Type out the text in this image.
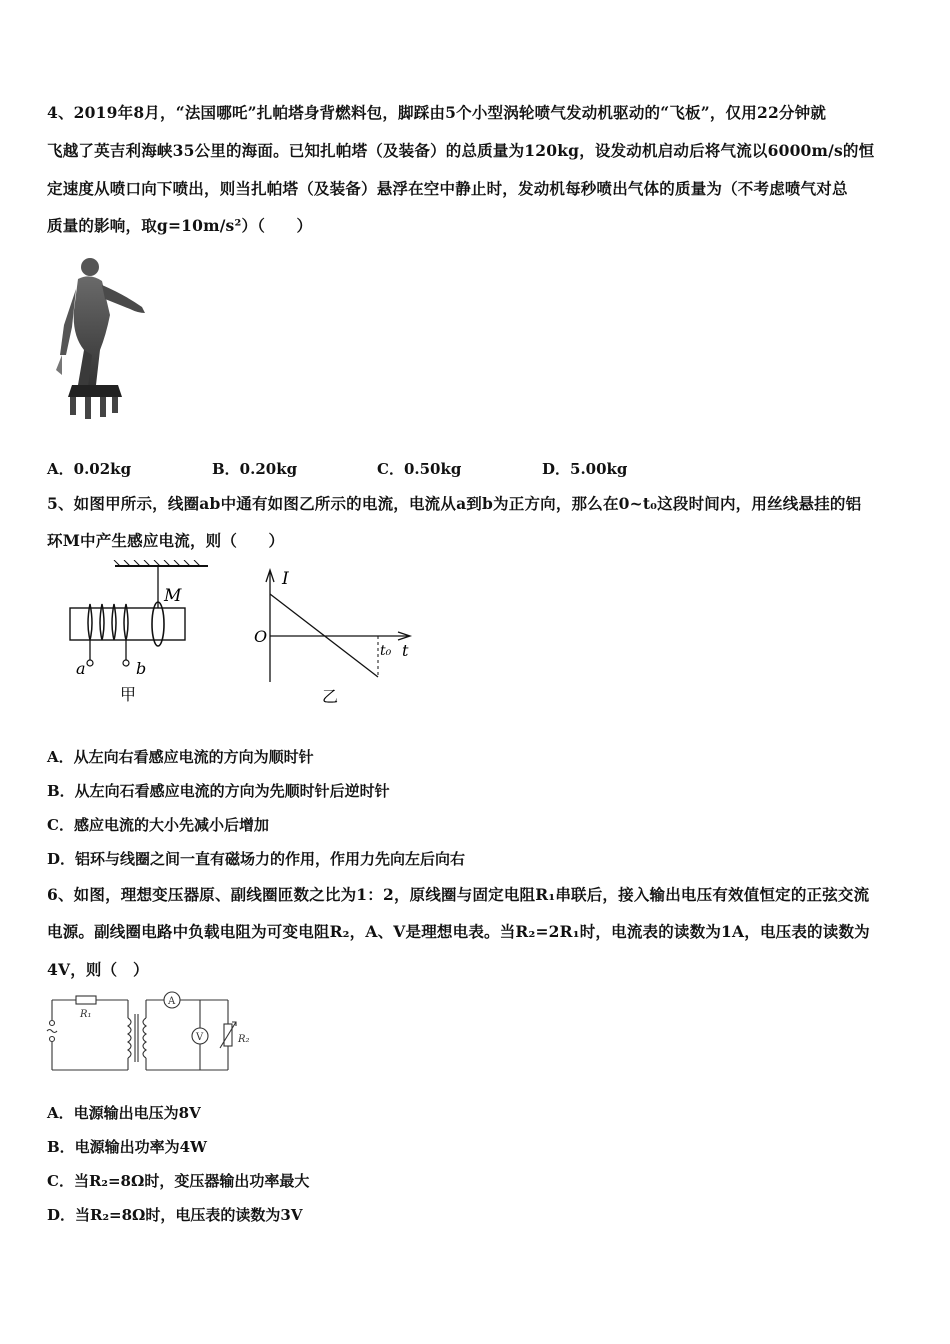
4、2019年8月，“法国哪吒”扎帕塔身背燃料包，脚踩由5个小型涡轮喷气发动机驱动的“飞板”，仅用22分钟就
飞越了英吉利海峡35公里的海面。已知扎帕塔（及装备）的总质量为120kg，设发动机启动后将气流以6000m/s的恒
定速度从喷口向下喷出，则当扎帕塔（及装备）悬浮在空中静止时，发动机每秒喷出气体的质量为（不考虑喷气对总
质量的影响，取g=10m/s²）（　　）
A．0.02kg	B．0.20kg	C．0.50kg	D．5.00kg
5、如图甲所示，线圈ab中通有如图乙所示的电流，电流从a到b为正方向，那么在0~t₀这段时间内，用丝线悬挂的铝
环M中产生感应电流，则（　　）
M
a	b
甲
I
O
t₀ t
乙
A．从左向右看感应电流的方向为顺时针
B．从左向石看感应电流的方向为先顺时针后逆时针
C．感应电流的大小先减小后增加
D．铝环与线圈之间一直有磁场力的作用，作用力先向左后向右
6、如图，理想变压器原、副线圈匝数之比为1：2，原线圈与固定电阻R₁串联后，接入输出电压有效值恒定的正弦交流
电源。副线圈电路中负载电阻为可变电阻R₂，A、V是理想电表。当R₂=2R₁时，电流表的读数为1A，电压表的读数为
4V，则（　）
R₁
A
V	R₂
A．电源输出电压为8V
B．电源输出功率为4W
C．当R₂=8Ω时，变压器输出功率最大
D．当R₂=8Ω时，电压表的读数为3V
